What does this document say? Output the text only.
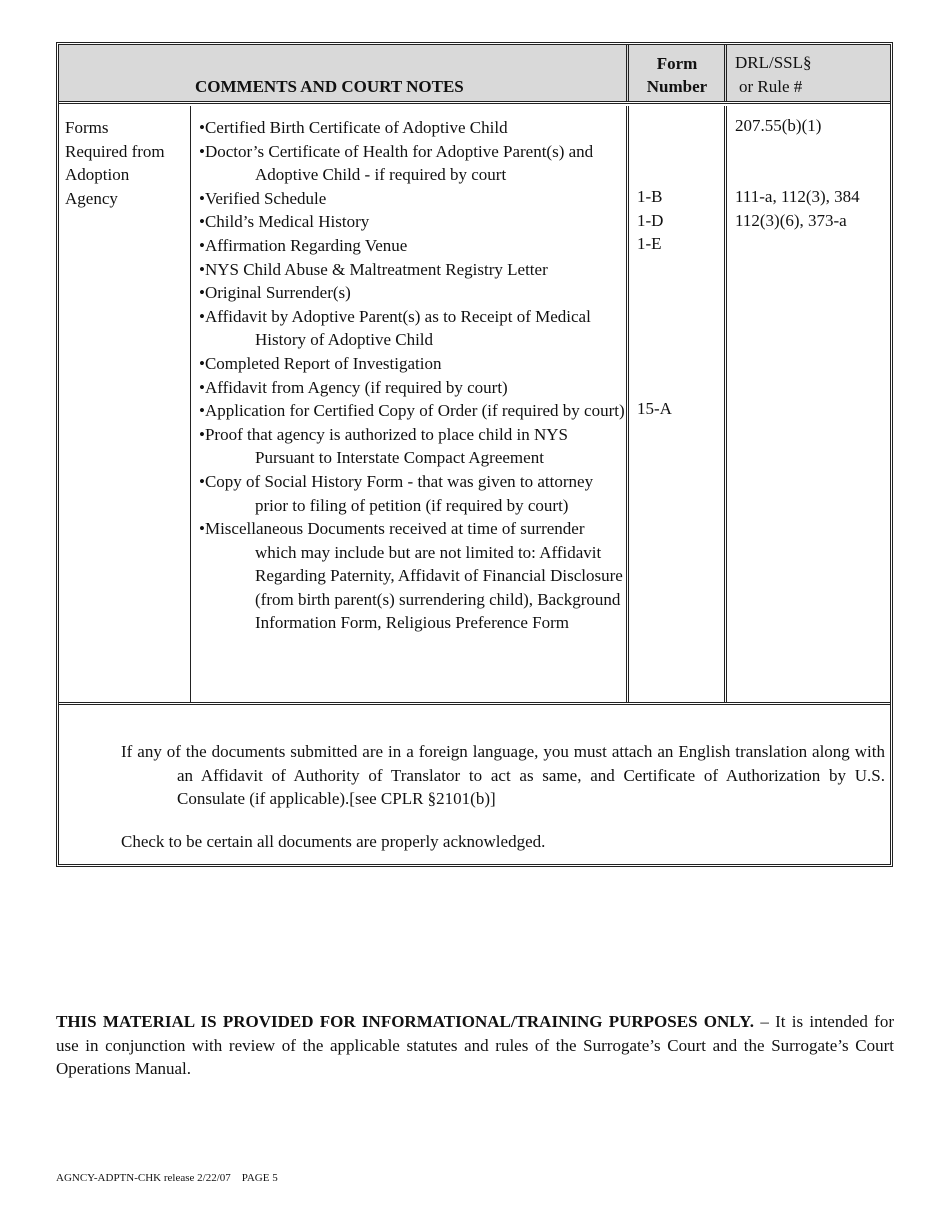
COMMENTS AND COURT NOTES
Form
Number
DRL/SSL§
or Rule #
Forms
Required from
Adoption
Agency
•Certified Birth Certificate of Adoptive Child
•Doctor’s Certificate of Health for Adoptive Parent(s) and Adoptive Child - if required by court
•Verified Schedule
•Child’s Medical History
•Affirmation Regarding Venue
•NYS Child Abuse & Maltreatment Registry Letter
•Original Surrender(s)
•Affidavit by Adoptive Parent(s) as to Receipt of Medical History of Adoptive Child
•Completed Report of Investigation
•Affidavit from Agency (if required by court)
•Application for Certified Copy of Order (if required by court)
•Proof that agency is authorized to place child in NYS Pursuant to Interstate Compact Agreement
•Copy of Social History Form - that was given to attorney prior to filing of petition (if required by court)
•Miscellaneous Documents received at time of surrender which may include but are not limited to: Affidavit Regarding Paternity, Affidavit of Financial Disclosure (from birth parent(s) surrendering child), Background Information Form, Religious Preference Form
1-B
1-D
1-E
15-A
207.55(b)(1)
111-a, 112(3), 384
112(3)(6), 373-a
If any of the documents submitted are in a foreign language, you must attach an English translation along with an Affidavit of Authority of Translator to act as same, and Certificate of Authorization by U.S. Consulate (if applicable).[see CPLR §2101(b)]
Check to be certain all documents are properly acknowledged.
THIS MATERIAL IS PROVIDED FOR INFORMATIONAL/TRAINING PURPOSES ONLY. – It is intended for use in conjunction with review of the applicable statutes and rules of the Surrogate’s Court and the Surrogate’s Court Operations Manual.
AGNCY-ADPTN-CHK release 2/22/07    PAGE 5
